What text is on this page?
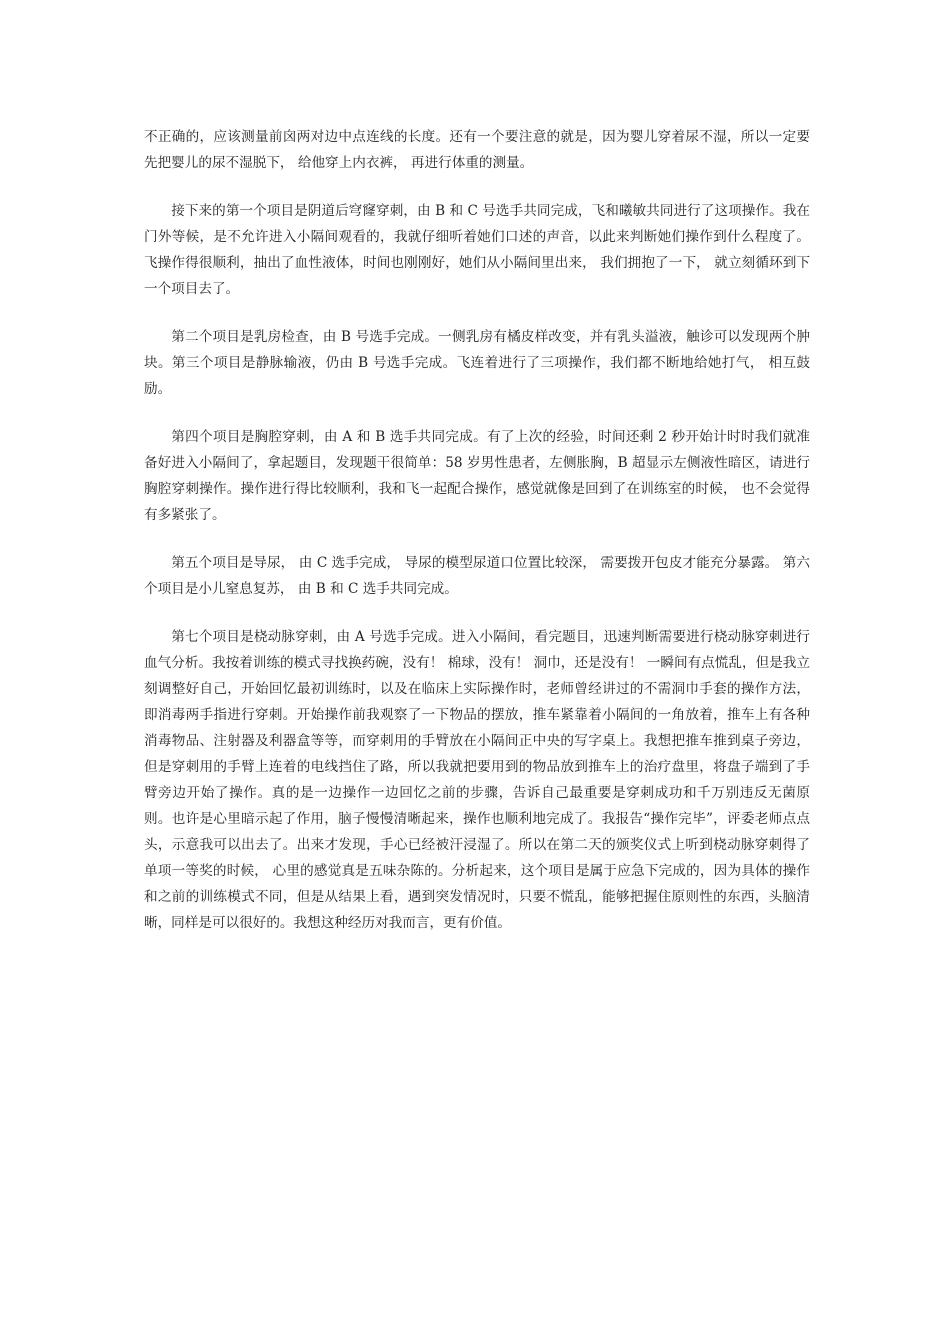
不正确的，应该测量前囟两对边中点连线的长度。还有一个要注意的就是，因为婴儿穿着尿不湿，所以一定要先把婴儿的尿不湿脱下， 给他穿上内衣裤， 再进行体重的测量。

接下来的第一个项目是阴道后穹窿穿刺，由 B 和 C 号选手共同完成，飞和曦敏共同进行了这项操作。我在门外等候，是不允许进入小隔间观看的，我就仔细听着她们口述的声音，以此来判断她们操作到什么程度了。飞操作得很顺利，抽出了血性液体，时间也刚刚好，她们从小隔间里出来， 我们拥抱了一下， 就立刻循环到下一个项目去了。

第二个项目是乳房检查，由 B 号选手完成。一侧乳房有橘皮样改变，并有乳头溢液，触诊可以发现两个肿块。第三个项目是静脉输液，仍由 B 号选手完成。飞连着进行了三项操作，我们都不断地给她打气， 相互鼓励。

第四个项目是胸腔穿刺，由 A 和 B 选手共同完成。有了上次的经验，时间还剩 2 秒开始计时时我们就准备好进入小隔间了，拿起题目，发现题干很简单：58 岁男性患者，左侧胀胸，B 超显示左侧液性暗区，请进行胸腔穿刺操作。操作进行得比较顺利，我和飞一起配合操作，感觉就像是回到了在训练室的时候， 也不会觉得有多紧张了。

第五个项目是导尿， 由 C 选手完成， 导尿的模型尿道口位置比较深， 需要拨开包皮才能充分暴露。 第六个项目是小儿窒息复苏， 由 B 和 C 选手共同完成。

第七个项目是桡动脉穿刺，由 A 号选手完成。进入小隔间，看完题目，迅速判断需要进行桡动脉穿刺进行血气分析。我按着训练的模式寻找换药碗，没有！ 棉球，没有！ 洞巾，还是没有！ 一瞬间有点慌乱，但是我立刻调整好自己，开始回忆最初训练时，以及在临床上实际操作时，老师曾经讲过的不需洞巾手套的操作方法，即消毒两手指进行穿刺。开始操作前我观察了一下物品的摆放，推车紧靠着小隔间的一角放着，推车上有各种消毒物品、注射器及利器盒等等，而穿刺用的手臂放在小隔间正中央的写字桌上。我想把推车推到桌子旁边，但是穿刺用的手臂上连着的电线挡住了路，所以我就把要用到的物品放到推车上的治疗盘里，将盘子端到了手臂旁边开始了操作。真的是一边操作一边回忆之前的步骤，告诉自己最重要是穿刺成功和千万别违反无菌原则。也许是心里暗示起了作用，脑子慢慢清晰起来，操作也顺利地完成了。我报告“操作完毕”，评委老师点点头，示意我可以出去了。出来才发现，手心已经被汗浸湿了。所以在第二天的颁奖仪式上听到桡动脉穿刺得了单项一等奖的时候， 心里的感觉真是五味杂陈的。分析起来，这个项目是属于应急下完成的，因为具体的操作和之前的训练模式不同，但是从结果上看，遇到突发情况时，只要不慌乱，能够把握住原则性的东西，头脑清晰，同样是可以很好的。我想这种经历对我而言，更有价值。
